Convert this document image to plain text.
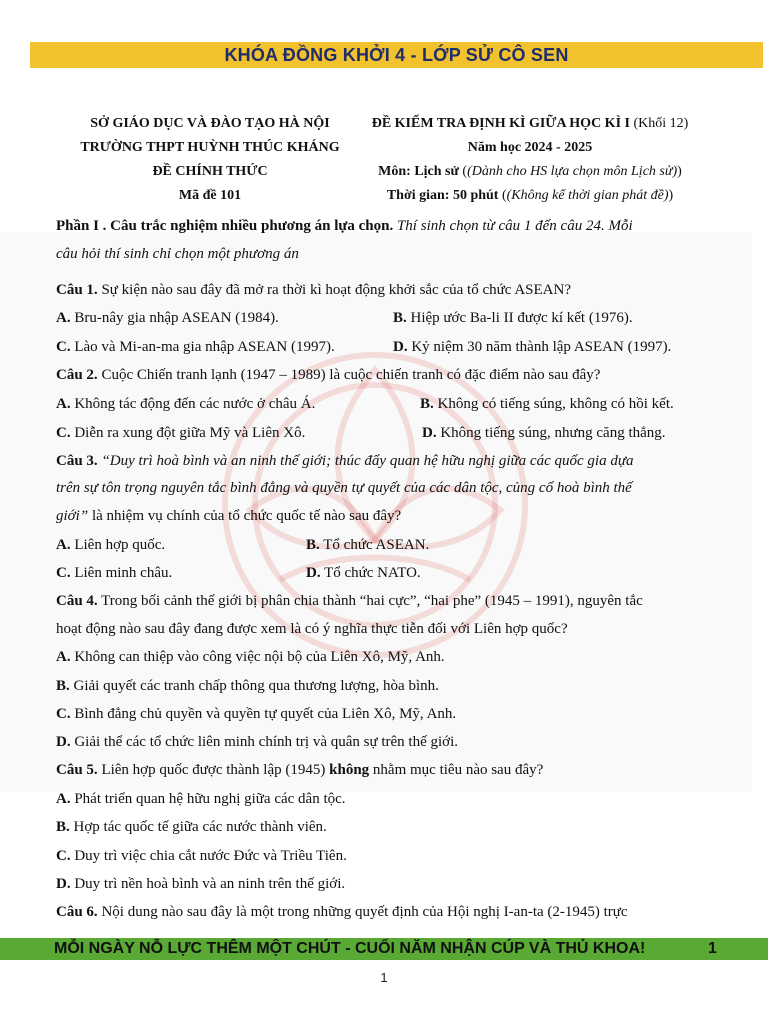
KHÓA ĐỒNG KHỞI 4 - LỚP SỬ CÔ SEN
SỞ GIÁO DỤC VÀ ĐÀO TẠO HÀ NỘI
TRƯỜNG THPT HUỲNH THÚC KHÁNG
ĐỀ CHÍNH THỨC
Mã đề 101
ĐỀ KIỂM TRA ĐỊNH KÌ GIỮA HỌC KÌ I (Khối 12)
Năm học 2024 - 2025
Môn: Lịch sử ((Dành cho HS lựa chọn môn Lịch sử))
Thời gian: 50 phút ((Không kể thời gian phát đề))
Phần I . Câu trắc nghiệm nhiều phương án lựa chọn. Thí sinh chọn từ câu 1 đến câu 24. Mỗi
câu hỏi thí sinh chỉ chọn một phương án
Câu 1. Sự kiện nào sau đây đã mở ra thời kì hoạt động khởi sắc của tổ chức ASEAN?
A. Bru-nây gia nhập ASEAN (1984).	B. Hiệp ước Ba-li II được kí kết (1976).
C. Lào và Mi-an-ma gia nhập ASEAN (1997).	D. Kỷ niệm 30 năm thành lập ASEAN (1997).
Câu 2. Cuộc Chiến tranh lạnh (1947 – 1989) là cuộc chiến tranh có đặc điểm nào sau đây?
A. Không tác động đến các nước ở châu Á.	B. Không có tiếng súng, không có hồi kết.
C. Diễn ra xung đột giữa Mỹ và Liên Xô.	D. Không tiếng súng, nhưng căng thẳng.
Câu 3. “Duy trì hoà bình và an ninh thế giới; thúc đẩy quan hệ hữu nghị giữa các quốc gia dựa
trên sự tôn trọng nguyên tắc bình đẳng và quyền tự quyết của các dân tộc, củng cố hoà bình thế
giới” là nhiệm vụ chính của tổ chức quốc tế nào sau đây?
A. Liên hợp quốc.	B. Tổ chức ASEAN.
C. Liên minh châu.	D. Tổ chức NATO.
Câu 4. Trong bối cảnh thế giới bị phân chia thành “hai cực”, “hai phe” (1945 – 1991), nguyên tắc
hoạt động nào sau đây đang được xem là có ý nghĩa thực tiễn đối với Liên hợp quốc?
A. Không can thiệp vào công việc nội bộ của Liên Xô, Mỹ, Anh.
B. Giải quyết các tranh chấp thông qua thương lượng, hòa bình.
C. Bình đẳng chủ quyền và quyền tự quyết của Liên Xô, Mỹ, Anh.
D. Giải thể các tổ chức liên minh chính trị và quân sự trên thế giới.
Câu 5. Liên hợp quốc được thành lập (1945) không nhằm mục tiêu nào sau đây?
A. Phát triển quan hệ hữu nghị giữa các dân tộc.
B. Hợp tác quốc tế giữa các nước thành viên.
C. Duy trì việc chia cắt nước Đức và Triều Tiên.
D. Duy trì nền hoà bình và an ninh trên thế giới.
Câu 6. Nội dung nào sau đây là một trong những quyết định của Hội nghị I-an-ta (2-1945) trực
MỖI NGÀY NỖ LỰC THÊM MỘT CHÚT - CUỐI NĂM NHẬN CÚP VÀ THỦ KHOA!	1
1
